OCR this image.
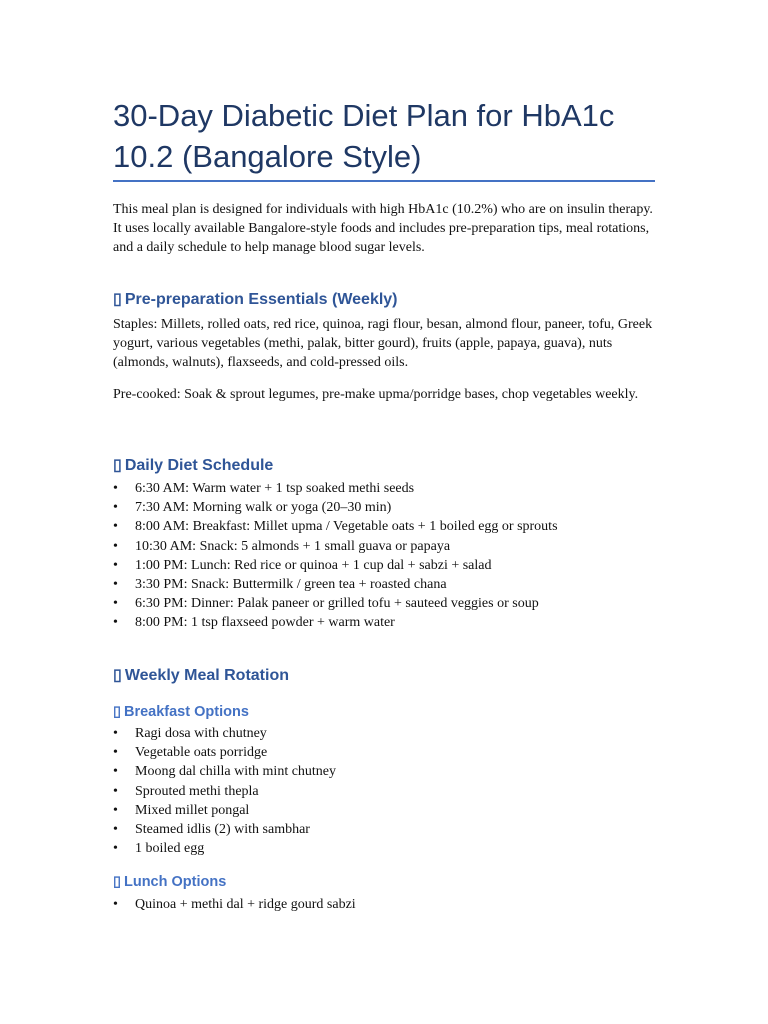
30-Day Diabetic Diet Plan for HbA1c 10.2 (Bangalore Style)

This meal plan is designed for individuals with high HbA1c (10.2%) who are on insulin therapy. It uses locally available Bangalore-style foods and includes pre-preparation tips, meal rotations, and a daily schedule to help manage blood sugar levels.

▯ Pre-preparation Essentials (Weekly)

Staples: Millets, rolled oats, red rice, quinoa, ragi flour, besan, almond flour, paneer, tofu, Greek yogurt, various vegetables (methi, palak, bitter gourd), fruits (apple, papaya, guava), nuts (almonds, walnuts), flaxseeds, and cold-pressed oils.

Pre-cooked: Soak & sprout legumes, pre-make upma/porridge bases, chop vegetables weekly.

▯ Daily Diet Schedule
• 6:30 AM: Warm water + 1 tsp soaked methi seeds
• 7:30 AM: Morning walk or yoga (20–30 min)
• 8:00 AM: Breakfast: Millet upma / Vegetable oats + 1 boiled egg or sprouts
• 10:30 AM: Snack: 5 almonds + 1 small guava or papaya
• 1:00 PM: Lunch: Red rice or quinoa + 1 cup dal + sabzi + salad
• 3:30 PM: Snack: Buttermilk / green tea + roasted chana
• 6:30 PM: Dinner: Palak paneer or grilled tofu + sauteed veggies or soup
• 8:00 PM: 1 tsp flaxseed powder + warm water
▯ Weekly Meal Rotation
▯ Breakfast Options
• Ragi dosa with chutney
• Vegetable oats porridge
• Moong dal chilla with mint chutney
• Sprouted methi thepla
• Mixed millet pongal
• Steamed idlis (2) with sambhar
• 1 boiled egg
▯ Lunch Options
• Quinoa + methi dal + ridge gourd sabzi
